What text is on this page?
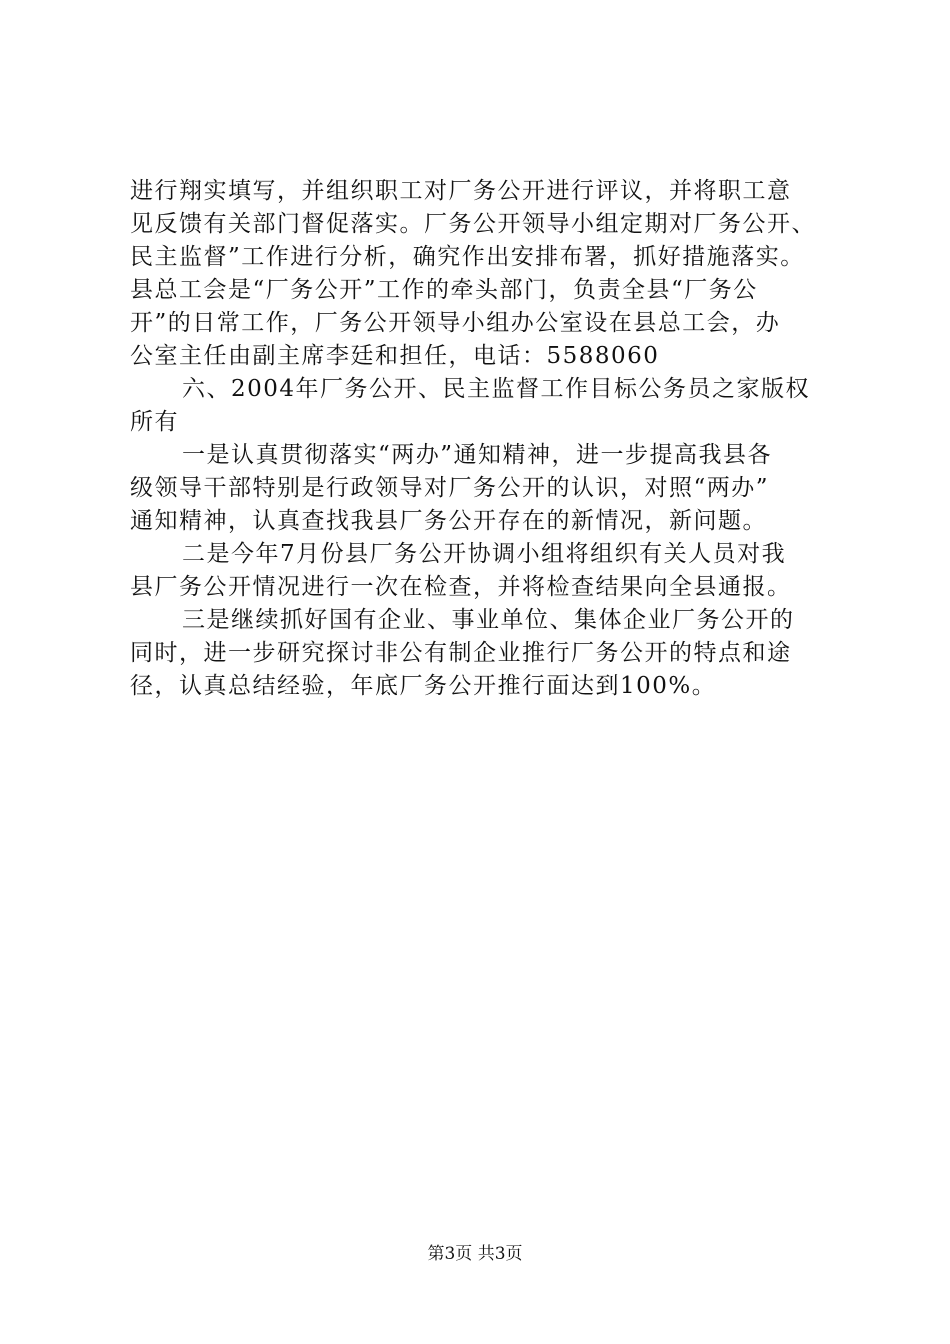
进行翔实填写，并组织职工对厂务公开进行评议，并将职工意
见反馈有关部门督促落实。厂务公开领导小组定期对厂务公开、
民主监督”工作进行分析，确究作出安排布署，抓好措施落实。
县总工会是“厂务公开”工作的牵头部门，负责全县“厂务公
开”的日常工作，厂务公开领导小组办公室设在县总工会，办
公室主任由副主席李廷和担任，电话：5588060
六、2004年厂务公开、民主监督工作目标公务员之家版权
所有
一是认真贯彻落实“两办”通知精神，进一步提高我县各
级领导干部特别是行政领导对厂务公开的认识，对照“两办”
通知精神，认真查找我县厂务公开存在的新情况，新问题。
二是今年7月份县厂务公开协调小组将组织有关人员对我
县厂务公开情况进行一次在检查，并将检查结果向全县通报。
三是继续抓好国有企业、事业单位、集体企业厂务公开的
同时，进一步研究探讨非公有制企业推行厂务公开的特点和途
径，认真总结经验，年底厂务公开推行面达到100%。
第3页 共3页
